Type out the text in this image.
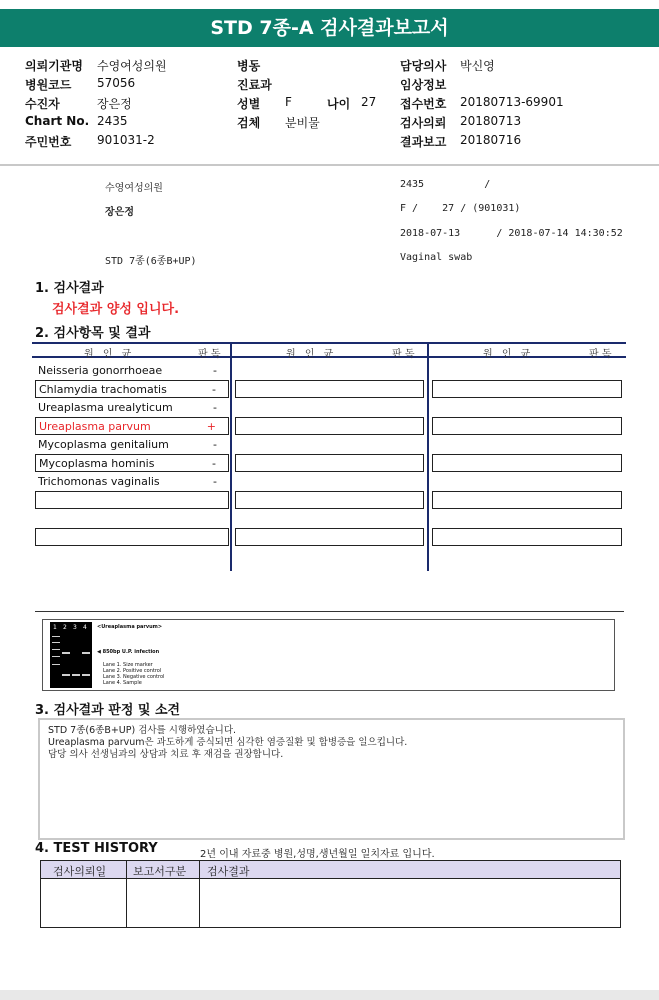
STD 7종-A 검사결과보고서
의뢰기관명 수영여성의원
병원코드 57056
수진자	장은정
Chart No. 2435
주민번호 901031-2
병동
진료과
성별 F	나이 27
검체 분비물
담당의사 박신영
임상정보
접수번호 20180713-69901
검사의뢰 20180713
결과보고 20180716
수영여성의원	2435          /
장은정	F /    27 / (901031)
2018-07-13      / 2018-07-14 14:30:52
STD 7종(6종B+UP)	Vaginal swab
1. 검사결과
검사결과 양성 입니다.
2. 검사항목 및 결과
원 인 균	판 독	원 인 균	판 독	원 인 균	판 독
Neisseria gonorrhoeae	-
Chlamydia trachomatis	-
Ureaplasma urealyticum	-
Ureaplasma parvum	+
Mycoplasma genitalium	-
Mycoplasma hominis	-
Trichomonas vaginalis	-
1 2 3 4 <Ureaplasma parvum>
◀ 850bp U.P. infection
Lane 1. Size marker
Lane 2. Positive control
Lane 3. Negative control
Lane 4. Sample
3. 검사결과 판정 및 소견

STD 7종(6종B+UP) 검사를 시행하였습니다.

Ureaplasma parvum은 과도하게 증식되면 심각한 염증질환 및 합병증을 일으킵니다.

담당 의사 선생님과의 상담과 치료 후 재검을 권장합니다.

4. TEST HISTORY	2년 이내 자료중 병원,성명,생년월일 일치자료 입니다.
검사의뢰일 보고서구분 검사결과
